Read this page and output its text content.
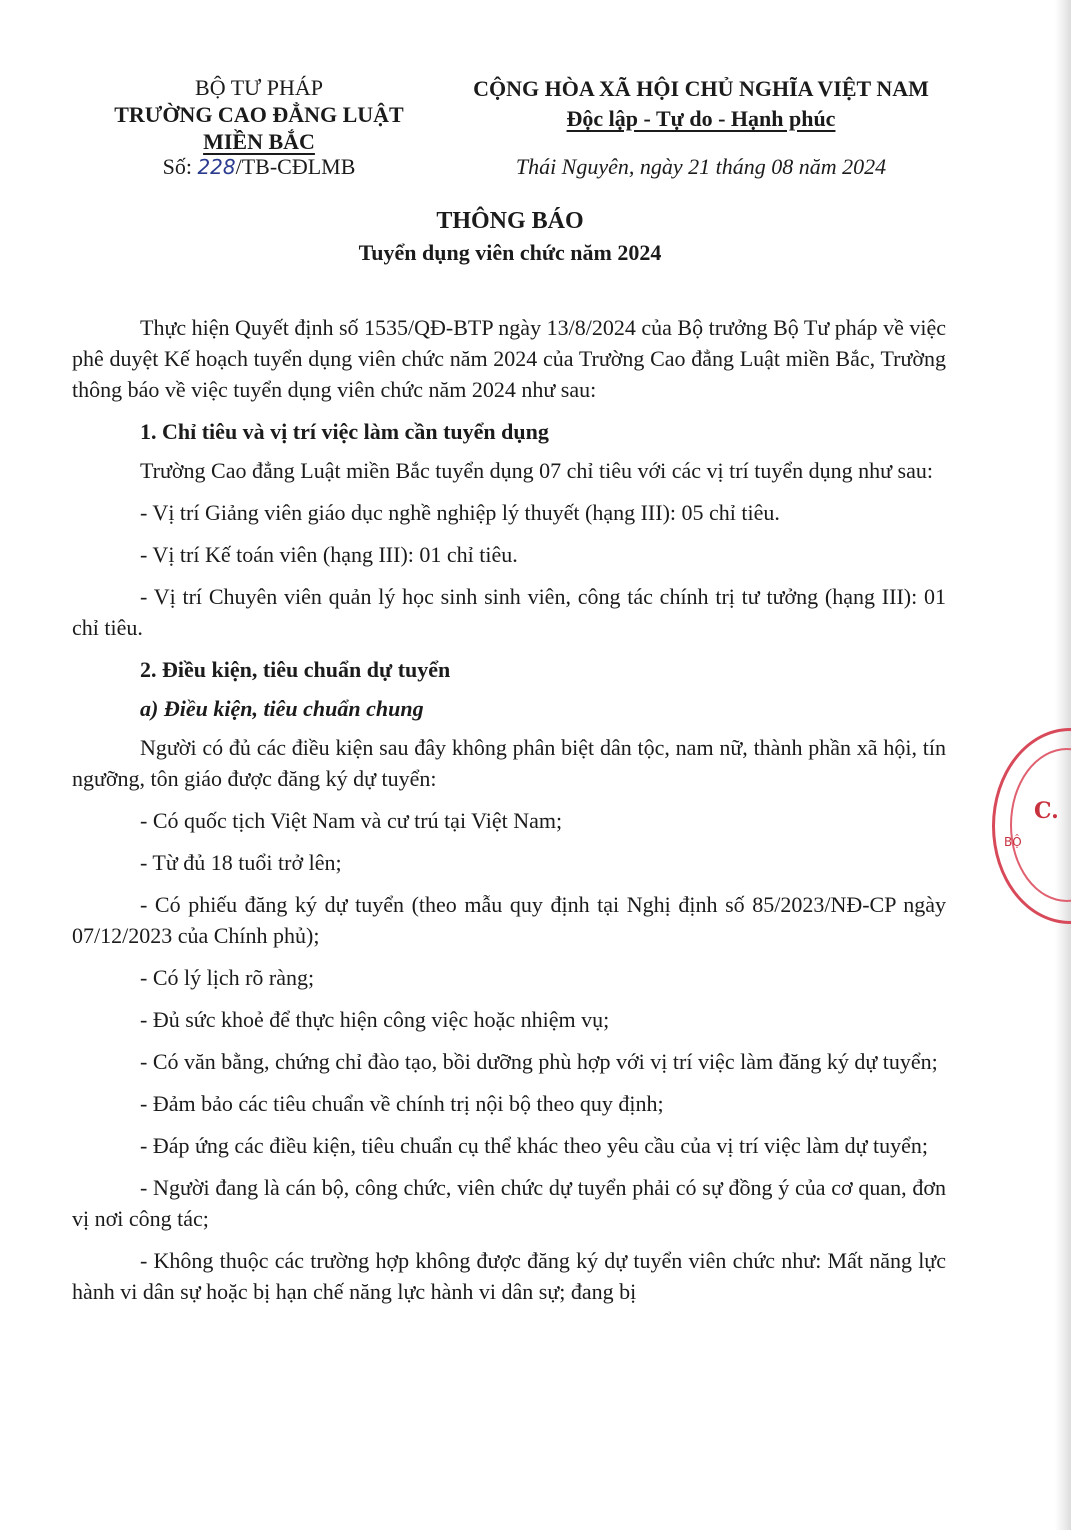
BỘ TƯ PHÁP
TRƯỜNG CAO ĐẲNG LUẬT
MIỀN BẮC
Số: 228/TB-CĐLMB
CỘNG HÒA XÃ HỘI CHỦ NGHĨA VIỆT NAM
Độc lập - Tự do - Hạnh phúc
Thái Nguyên, ngày 21 tháng 08 năm 2024
THÔNG BÁO
Tuyển dụng viên chức năm 2024

Thực hiện Quyết định số 1535/QĐ-BTP ngày 13/8/2024 của Bộ trưởng Bộ Tư pháp về việc phê duyệt Kế hoạch tuyển dụng viên chức năm 2024 của Trường Cao đẳng Luật miền Bắc, Trường thông báo về việc tuyển dụng viên chức năm 2024 như sau:

1. Chỉ tiêu và vị trí việc làm cần tuyển dụng

Trường Cao đẳng Luật miền Bắc tuyển dụng 07 chỉ tiêu với các vị trí tuyển dụng như sau:

- Vị trí Giảng viên giáo dục nghề nghiệp lý thuyết (hạng III): 05 chỉ tiêu.

- Vị trí Kế toán viên (hạng III): 01 chỉ tiêu.

- Vị trí Chuyên viên quản lý học sinh sinh viên, công tác chính trị tư tưởng (hạng III): 01 chỉ tiêu.

2. Điều kiện, tiêu chuẩn dự tuyển

a) Điều kiện, tiêu chuẩn chung

Người có đủ các điều kiện sau đây không phân biệt dân tộc, nam nữ, thành phần xã hội, tín ngưỡng, tôn giáo được đăng ký dự tuyển:

- Có quốc tịch Việt Nam và cư trú tại Việt Nam;

- Từ đủ 18 tuổi trở lên;

- Có phiếu đăng ký dự tuyển (theo mẫu quy định tại Nghị định số 85/2023/NĐ-CP ngày 07/12/2023 của Chính phủ);

- Có lý lịch rõ ràng;

- Đủ sức khoẻ để thực hiện công việc hoặc nhiệm vụ;

- Có văn bằng, chứng chỉ đào tạo, bồi dưỡng phù hợp với vị trí việc làm đăng ký dự tuyển;

- Đảm bảo các tiêu chuẩn về chính trị nội bộ theo quy định;

- Đáp ứng các điều kiện, tiêu chuẩn cụ thể khác theo yêu cầu của vị trí việc làm dự tuyển;

- Người đang là cán bộ, công chức, viên chức dự tuyển phải có sự đồng ý của cơ quan, đơn vị nơi công tác;

- Không thuộc các trường hợp không được đăng ký dự tuyển viên chức như: Mất năng lực hành vi dân sự hoặc bị hạn chế năng lực hành vi dân sự; đang bị

C.
BỘ
